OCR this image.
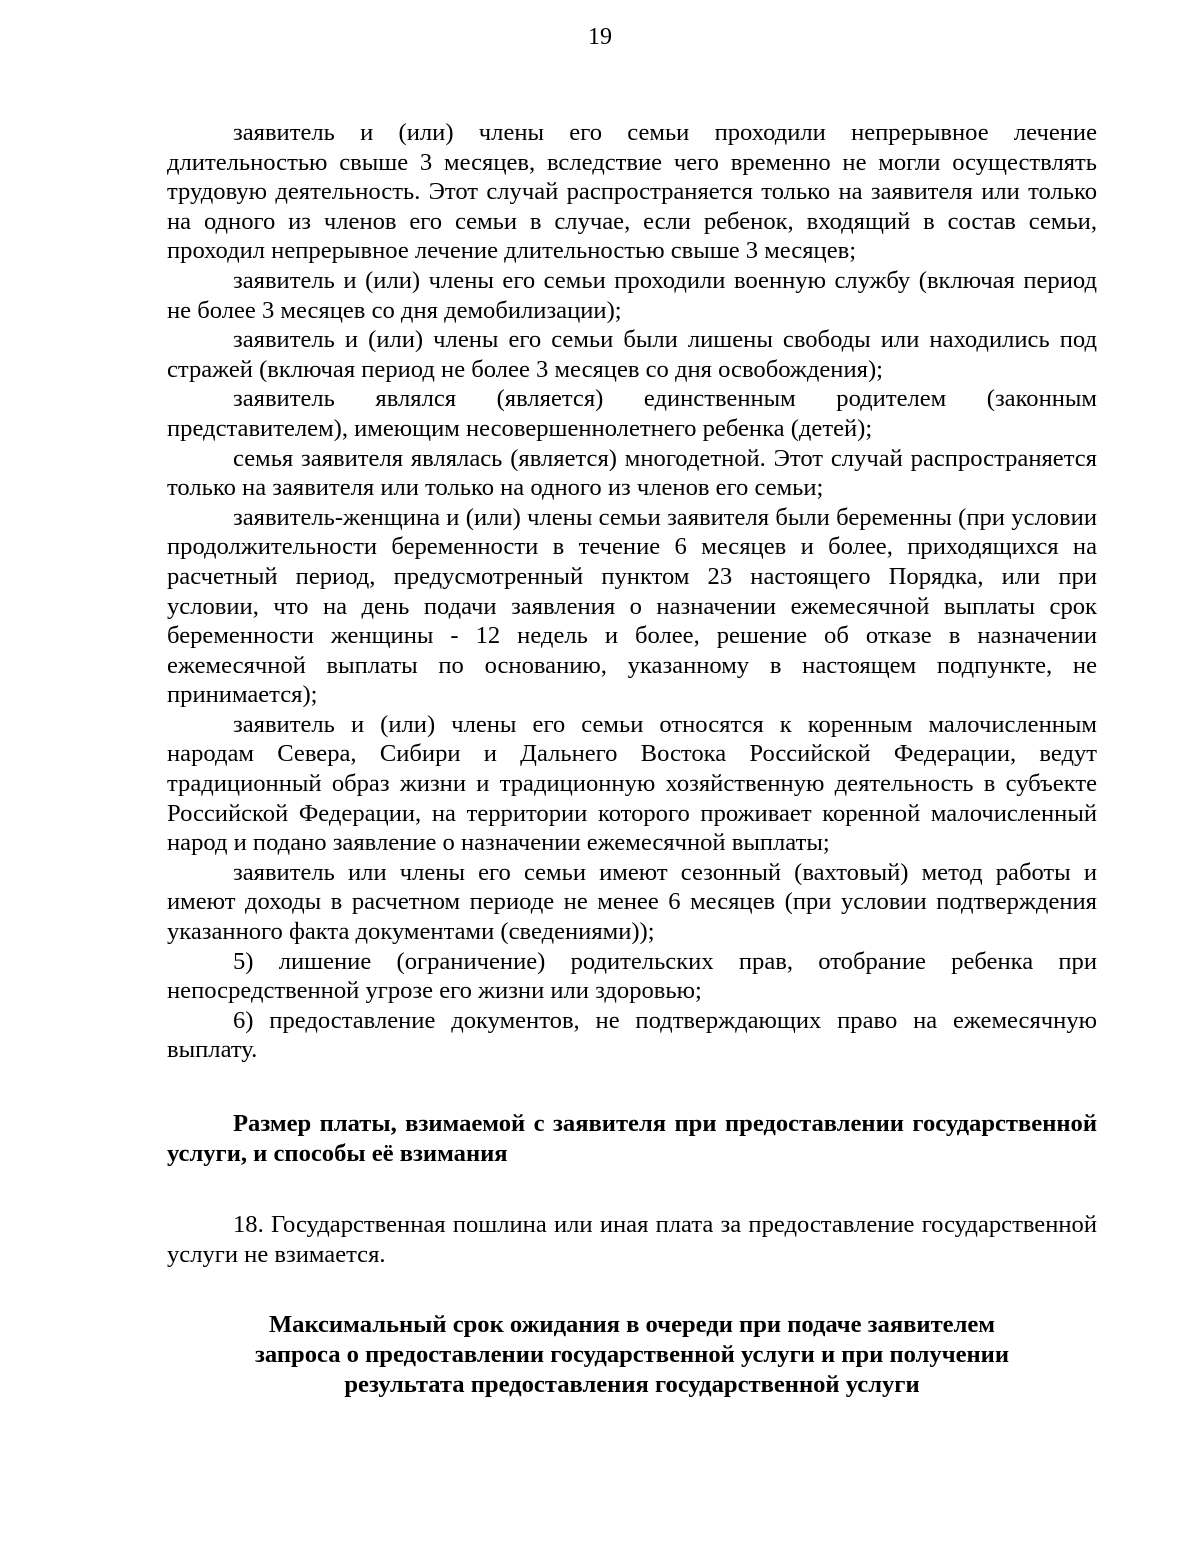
19

заявитель и (или) члены его семьи проходили непрерывное лечение длительностью свыше 3 месяцев, вследствие чего временно не могли осуществлять трудовую деятельность. Этот случай распространяется только на заявителя или только на одного из членов его семьи в случае, если ребенок, входящий в состав семьи, проходил непрерывное лечение длительностью свыше 3 месяцев;

заявитель и (или) члены его семьи проходили военную службу (включая период не более 3 месяцев со дня демобилизации);

заявитель и (или) члены его семьи были лишены свободы или находились под стражей (включая период не более 3 месяцев со дня освобождения);

заявитель являлся (является) единственным родителем (законным представителем), имеющим несовершеннолетнего ребенка (детей);

семья заявителя являлась (является) многодетной. Этот случай распространяется только на заявителя или только на одного из членов его семьи;

заявитель-женщина и (или) члены семьи заявителя были беременны (при условии продолжительности беременности в течение 6 месяцев и более, приходящихся на расчетный период, предусмотренный пунктом 23 настоящего Порядка, или при условии, что на день подачи заявления о назначении ежемесячной выплаты срок беременности женщины - 12 недель и более, решение об отказе в назначении ежемесячной выплаты по основанию, указанному в настоящем подпункте, не принимается);

заявитель и (или) члены его семьи относятся к коренным малочисленным народам Севера, Сибири и Дальнего Востока Российской Федерации, ведут традиционный образ жизни и традиционную хозяйственную деятельность в субъекте Российской Федерации, на территории которого проживает коренной малочисленный народ и подано заявление о назначении ежемесячной выплаты;

заявитель или члены его семьи имеют сезонный (вахтовый) метод работы и имеют доходы в расчетном периоде не менее 6 месяцев (при условии подтверждения указанного факта документами (сведениями));

5) лишение (ограничение) родительских прав, отобрание ребенка при непосредственной угрозе его жизни или здоровью;

6) предоставление документов, не подтверждающих право на ежемесячную выплату.

Размер платы, взимаемой с заявителя при предоставлении государственной услуги, и способы её взимания

18. Государственная пошлина или иная плата за предоставление государственной услуги не взимается.

Максимальный срок ожидания в очереди при подаче заявителем
запроса о предоставлении государственной услуги и при получении
результата предоставления государственной услуги
